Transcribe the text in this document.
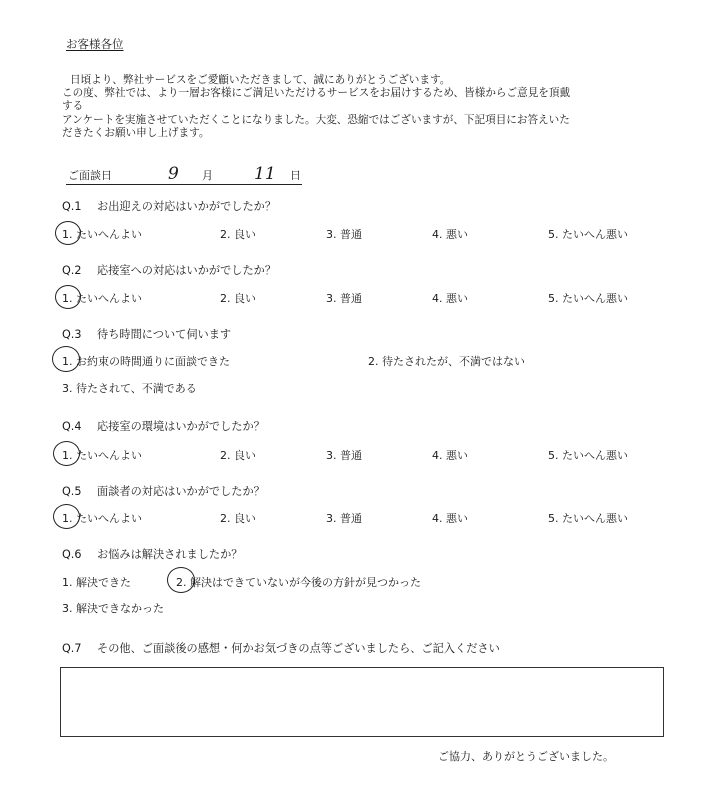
お客様各位
日頃より、弊社サービスをご愛顧いただきまして、誠にありがとうございます。
この度、弊社では、より一層お客様にご満足いただけるサービスをお届けするため、皆様からご意見を頂戴
する
アンケートを実施させていただくことになりました。大変、恐縮ではございますが、下記項目にお答えいた
だきたくお願い申し上げます。
ご面談日	9 月 11 日
Q.1 お出迎えの対応はいかがでしたか？
1. たいへんよい	2. 良い	3. 普通	4. 悪い	5. たいへん悪い
Q.2 応接室への対応はいかがでしたか？
1. たいへんよい	2. 良い	3. 普通	4. 悪い	5. たいへん悪い
Q.3 待ち時間について伺います
1. お約束の時間通りに面談できた	2. 待たされたが、不満ではない
3. 待たされて、不満である
Q.4 応接室の環境はいかがでしたか？
1. たいへんよい	2. 良い	3. 普通	4. 悪い	5. たいへん悪い
Q.5 面談者の対応はいかがでしたか？
1. たいへんよい	2. 良い	3. 普通	4. 悪い	5. たいへん悪い
Q.6 お悩みは解決されましたか？
1. 解決できた	2. 解決はできていないが今後の方針が見つかった
3. 解決できなかった
Q.7 その他、ご面談後の感想・何かお気づきの点等ございましたら、ご記入ください
ご協力、ありがとうございました。
